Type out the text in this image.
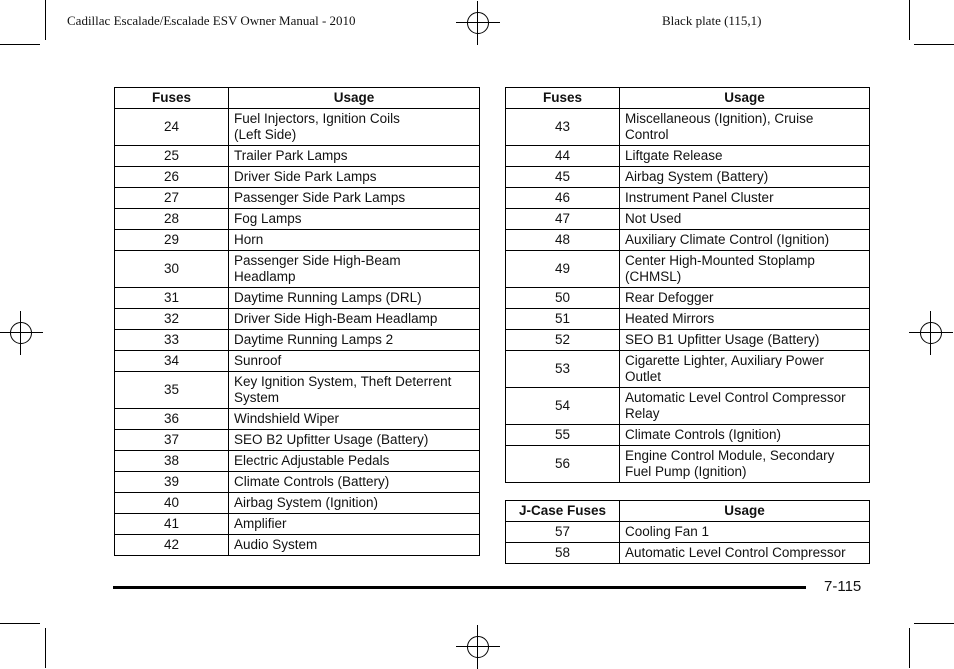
Cadillac Escalade/Escalade ESV Owner Manual - 2010	Black plate (115,1)
Fuses	Usage
24	Fuel Injectors, Ignition Coils
(Left Side)

25	Trailer Park Lamps

26	Driver Side Park Lamps

27	Passenger Side Park Lamps

28	Fog Lamps

29	Horn

30	Passenger Side High-Beam
Headlamp

31	Daytime Running Lamps (DRL)

32	Driver Side High-Beam Headlamp

33	Daytime Running Lamps 2

34	Sunroof

35	Key Ignition System, Theft Deterrent
System

36	Windshield Wiper

37	SEO B2 Upfitter Usage (Battery)

38	Electric Adjustable Pedals

39	Climate Controls (Battery)

40	Airbag System (Ignition)

41	Amplifier

42	Audio System
Fuses	Usage
43	Miscellaneous (Ignition), Cruise
Control

44	Liftgate Release

45	Airbag System (Battery)

46	Instrument Panel Cluster

47	Not Used

48	Auxiliary Climate Control (Ignition)

49	Center High-Mounted Stoplamp
(CHMSL)

50	Rear Defogger

51	Heated Mirrors

52	SEO B1 Upfitter Usage (Battery)

53	Cigarette Lighter, Auxiliary Power
Outlet

54	Automatic Level Control Compressor
Relay

55	Climate Controls (Ignition)

56	Engine Control Module, Secondary
Fuel Pump (Ignition)
J-Case Fuses	Usage
57	Cooling Fan 1

58	Automatic Level Control Compressor
7-115
